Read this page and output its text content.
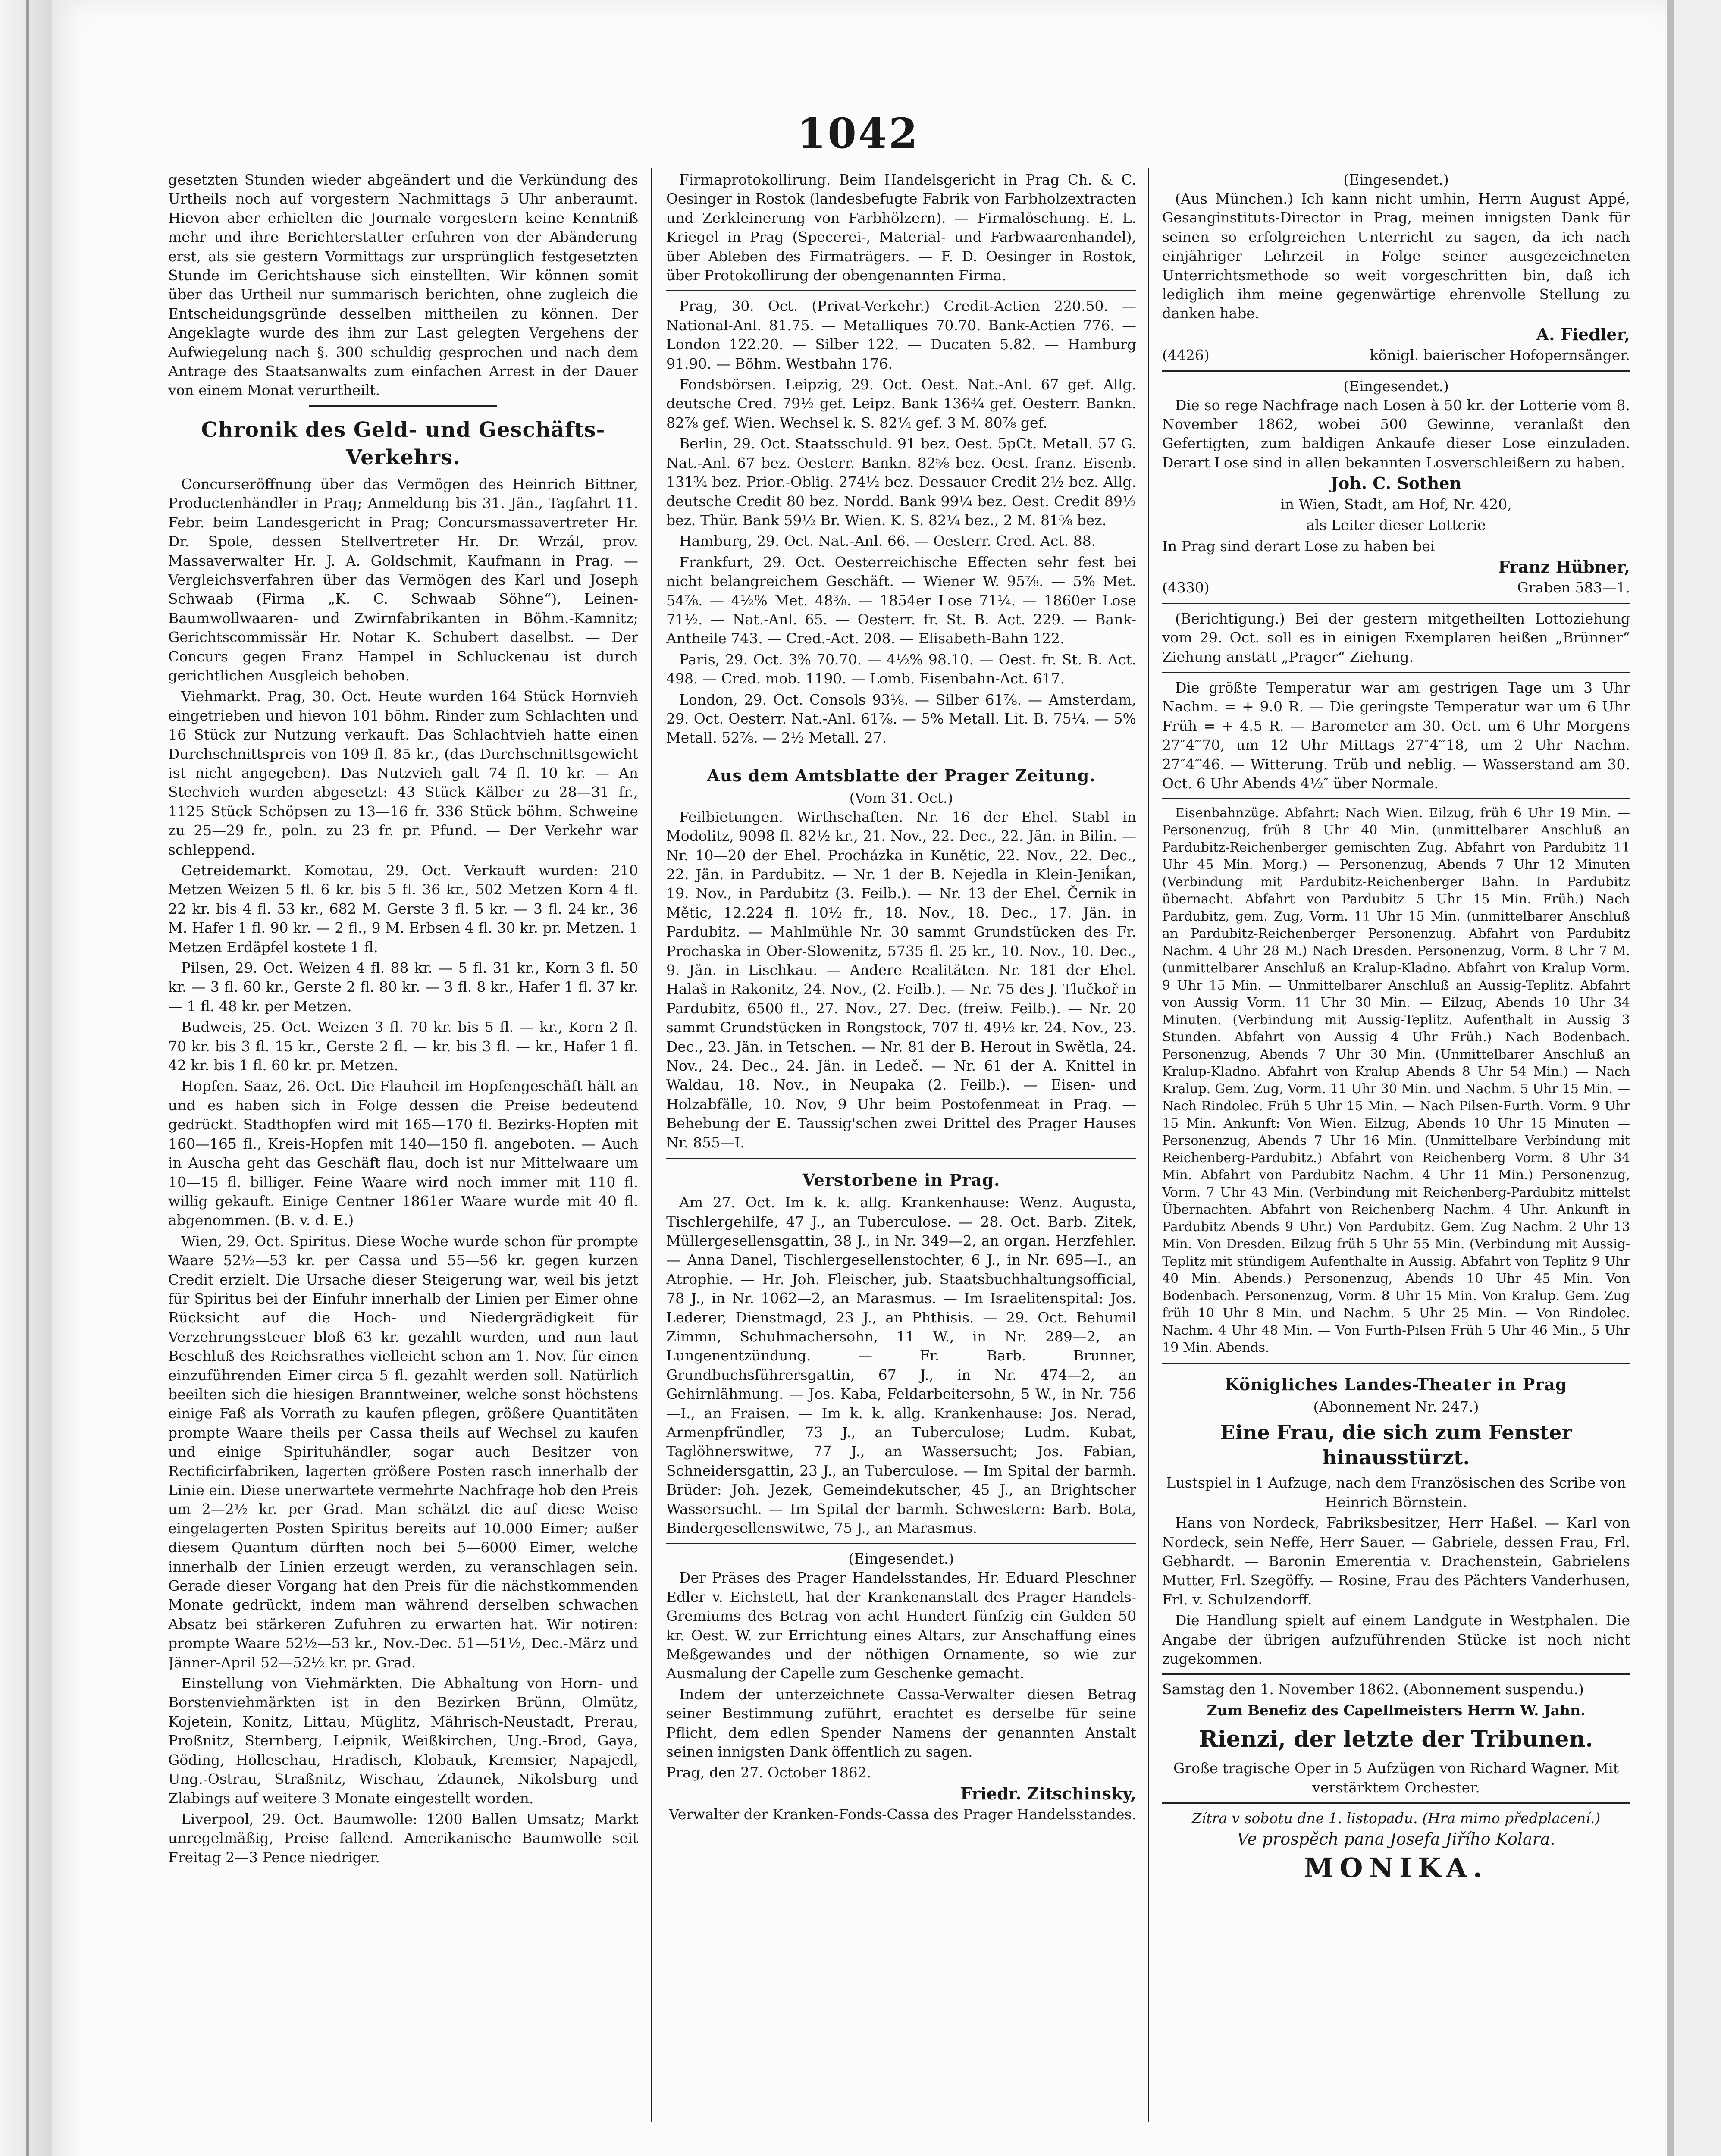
1042

gesetzten Stunden wieder abgeändert und die Verkündung des Urtheils noch auf vorgestern Nachmittags 5 Uhr anberaumt. Hievon aber erhielten die Journale vorgestern keine Kenntniß mehr und ihre Berichterstatter erfuhren von der Abänderung erst, als sie gestern Vormittags zur ursprünglich festgesetzten Stunde im Gerichtshause sich einstellten. Wir können somit über das Urtheil nur summarisch berichten, ohne zugleich die Entscheidungsgründe desselben mittheilen zu können. Der Angeklagte wurde des ihm zur Last gelegten Vergehens der Aufwiegelung nach §. 300 schuldig gesprochen und nach dem Antrage des Staatsanwalts zum einfachen Arrest in der Dauer von einem Monat verurtheilt.

Chronik des Geld- und Geschäfts-Verkehrs.

Concurseröffnung über das Vermögen des Heinrich Bittner, Productenhändler in Prag; Anmeldung bis 31. Jän., Tagfahrt 11. Febr. beim Landesgericht in Prag; Concursmassavertreter Hr. Dr. Spole, dessen Stellvertreter Hr. Dr. Wrzál, prov. Massaverwalter Hr. J. A. Goldschmit, Kaufmann in Prag. — Vergleichsverfahren über das Vermögen des Karl und Joseph Schwaab (Firma „K. C. Schwaab Söhne“), Leinen-Baumwollwaaren- und Zwirnfabrikanten in Böhm.-Kamnitz; Gerichtscommissär Hr. Notar K. Schubert daselbst. — Der Concurs gegen Franz Hampel in Schluckenau ist durch gerichtlichen Ausgleich behoben.

Viehmarkt. Prag, 30. Oct. Heute wurden 164 Stück Hornvieh eingetrieben und hievon 101 böhm. Rinder zum Schlachten und 16 Stück zur Nutzung verkauft. Das Schlachtvieh hatte einen Durchschnittspreis von 109 fl. 85 kr., (das Durchschnittsgewicht ist nicht angegeben). Das Nutzvieh galt 74 fl. 10 kr. — An Stechvieh wurden abgesetzt: 43 Stück Kälber zu 28—31 fr., 1125 Stück Schöpsen zu 13—16 fr. 336 Stück böhm. Schweine zu 25—29 fr., poln. zu 23 fr. pr. Pfund. — Der Verkehr war schleppend.

Getreidemarkt. Komotau, 29. Oct. Verkauft wurden: 210 Metzen Weizen 5 fl. 6 kr. bis 5 fl. 36 kr., 502 Metzen Korn 4 fl. 22 kr. bis 4 fl. 53 kr., 682 M. Gerste 3 fl. 5 kr. — 3 fl. 24 kr., 36 M. Hafer 1 fl. 90 kr. — 2 fl., 9 M. Erbsen 4 fl. 30 kr. pr. Metzen. 1 Metzen Erdäpfel kostete 1 fl.

Pilsen, 29. Oct. Weizen 4 fl. 88 kr. — 5 fl. 31 kr., Korn 3 fl. 50 kr. — 3 fl. 60 kr., Gerste 2 fl. 80 kr. — 3 fl. 8 kr., Hafer 1 fl. 37 kr. — 1 fl. 48 kr. per Metzen.

Budweis, 25. Oct. Weizen 3 fl. 70 kr. bis 5 fl. — kr., Korn 2 fl. 70 kr. bis 3 fl. 15 kr., Gerste 2 fl. — kr. bis 3 fl. — kr., Hafer 1 fl. 42 kr. bis 1 fl. 60 kr. pr. Metzen.

Hopfen. Saaz, 26. Oct. Die Flauheit im Hopfengeschäft hält an und es haben sich in Folge dessen die Preise bedeutend gedrückt. Stadthopfen wird mit 165—170 fl. Bezirks-Hopfen mit 160—165 fl., Kreis-Hopfen mit 140—150 fl. angeboten. — Auch in Auscha geht das Geschäft flau, doch ist nur Mittelwaare um 10—15 fl. billiger. Feine Waare wird noch immer mit 110 fl. willig gekauft. Einige Centner 1861er Waare wurde mit 40 fl. abgenommen. (B. v. d. E.)

Wien, 29. Oct. Spiritus. Diese Woche wurde schon für prompte Waare 52½—53 kr. per Cassa und 55—56 kr. gegen kurzen Credit erzielt. Die Ursache dieser Steigerung war, weil bis jetzt für Spiritus bei der Einfuhr innerhalb der Linien per Eimer ohne Rücksicht auf die Hoch- und Niedergrädigkeit für Verzehrungssteuer bloß 63 kr. gezahlt wurden, und nun laut Beschluß des Reichsrathes vielleicht schon am 1. Nov. für einen einzuführenden Eimer circa 5 fl. gezahlt werden soll. Natürlich beeilten sich die hiesigen Branntweiner, welche sonst höchstens einige Faß als Vorrath zu kaufen pflegen, größere Quantitäten prompte Waare theils per Cassa theils auf Wechsel zu kaufen und einige Spirituhändler, sogar auch Besitzer von Rectificirfabriken, lagerten größere Posten rasch innerhalb der Linie ein. Diese unerwartete vermehrte Nachfrage hob den Preis um 2—2½ kr. per Grad. Man schätzt die auf diese Weise eingelagerten Posten Spiritus bereits auf 10.000 Eimer; außer diesem Quantum dürften noch bei 5—6000 Eimer, welche innerhalb der Linien erzeugt werden, zu veranschlagen sein. Gerade dieser Vorgang hat den Preis für die nächstkommenden Monate gedrückt, indem man während derselben schwachen Absatz bei stärkeren Zufuhren zu erwarten hat. Wir notiren: prompte Waare 52½—53 kr., Nov.-Dec. 51—51½, Dec.-März und Jänner-April 52—52½ kr. pr. Grad.

Einstellung von Viehmärkten. Die Abhaltung von Horn- und Borstenviehmärkten ist in den Bezirken Brünn, Olmütz, Kojetein, Konitz, Littau, Müglitz, Mährisch-Neustadt, Prerau, Proßnitz, Sternberg, Leipnik, Weißkirchen, Ung.-Brod, Gaya, Göding, Holleschau, Hradisch, Klobauk, Kremsier, Napajedl, Ung.-Ostrau, Straßnitz, Wischau, Zdaunek, Nikolsburg und Zlabings auf weitere 3 Monate eingestellt worden.

Liverpool, 29. Oct. Baumwolle: 1200 Ballen Umsatz; Markt unregelmäßig, Preise fallend. Amerikanische Baumwolle seit Freitag 2—3 Pence niedriger.

Firmaprotokollirung. Beim Handelsgericht in Prag Ch. & C. Oesinger in Rostok (landesbefugte Fabrik von Farbholzextracten und Zerkleinerung von Farbhölzern). — Firmalöschung. E. L. Kriegel in Prag (Specerei-, Material- und Farbwaarenhandel), über Ableben des Firmaträgers. — F. D. Oesinger in Rostok, über Protokollirung der obengenannten Firma.

Prag, 30. Oct. (Privat-Verkehr.) Credit-Actien 220.50. — National-Anl. 81.75. — Metalliques 70.70. Bank-Actien 776. — London 122.20. — Silber 122. — Ducaten 5.82. — Hamburg 91.90. — Böhm. Westbahn 176.

Fondsbörsen. Leipzig, 29. Oct. Oest. Nat.-Anl. 67 gef. Allg. deutsche Cred. 79½ gef. Leipz. Bank 136¾ gef. Oesterr. Bankn. 82⅞ gef. Wien. Wechsel k. S. 82¼ gef. 3 M. 80⅞ gef.

Berlin, 29. Oct. Staatsschuld. 91 bez. Oest. 5pCt. Metall. 57 G. Nat.-Anl. 67 bez. Oesterr. Bankn. 82⅝ bez. Oest. franz. Eisenb. 131¾ bez. Prior.-Oblig. 274½ bez. Dessauer Credit 2½ bez. Allg. deutsche Credit 80 bez. Nordd. Bank 99¼ bez. Oest. Credit 89½ bez. Thür. Bank 59½ Br. Wien. K. S. 82¼ bez., 2 M. 81⅝ bez.

Hamburg, 29. Oct. Nat.-Anl. 66. — Oesterr. Cred. Act. 88.

Frankfurt, 29. Oct. Oesterreichische Effecten sehr fest bei nicht belangreichem Geschäft. — Wiener W. 95⅞. — 5% Met. 54⅞. — 4½% Met. 48⅜. — 1854er Lose 71¼. — 1860er Lose 71½. — Nat.-Anl. 65. — Oesterr. fr. St. B. Act. 229. — Bank-Antheile 743. — Cred.-Act. 208. — Elisabeth-Bahn 122.

Paris, 29. Oct. 3% 70.70. — 4½% 98.10. — Oest. fr. St. B. Act. 498. — Cred. mob. 1190. — Lomb. Eisenbahn-Act. 617.

London, 29. Oct. Consols 93⅛. — Silber 61⅞. — Amsterdam, 29. Oct. Oesterr. Nat.-Anl. 61⅞. — 5% Metall. Lit. B. 75¼. — 5% Metall. 52⅞. — 2½ Metall. 27.

Aus dem Amtsblatte der Prager Zeitung.
(Vom 31. Oct.)

Feilbietungen. Wirthschaften. Nr. 16 der Ehel. Stabl in Modolitz, 9098 fl. 82½ kr., 21. Nov., 22. Dec., 22. Jän. in Bilin. — Nr. 10—20 der Ehel. Procházka in Kunětic, 22. Nov., 22. Dec., 22. Jän. in Pardubitz. — Nr. 1 der B. Nejedla in Klein-Jeniḱan, 19. Nov., in Pardubitz (3. Feilb.). — Nr. 13 der Ehel. Černik in Mětic, 12.224 fl. 10½ fr., 18. Nov., 18. Dec., 17. Jän. in Pardubitz. — Mahlmühle Nr. 30 sammt Grundstücken des Fr. Prochaska in Ober-Slowenitz, 5735 fl. 25 kr., 10. Nov., 10. Dec., 9. Jän. in Lischkau. — Andere Realitäten. Nr. 181 der Ehel. Halaš in Rakonitz, 24. Nov., (2. Feilb.). — Nr. 75 des J. Tlučkoř in Pardubitz, 6500 fl., 27. Nov., 27. Dec. (freiw. Feilb.). — Nr. 20 sammt Grundstücken in Rongstock, 707 fl. 49½ kr. 24. Nov., 23. Dec., 23. Jän. in Tetschen. — Nr. 81 der B. Herout in Swětla, 24. Nov., 24. Dec., 24. Jän. in Ledeč. — Nr. 61 der A. Knittel in Waldau, 18. Nov., in Neupaka (2. Feilb.). — Eisen- und Holzabfälle, 10. Nov, 9 Uhr beim Postofenmeat in Prag. — Behebung der E. Taussig'schen zwei Drittel des Prager Hauses Nr. 855—I.

Verstorbene in Prag.

Am 27. Oct. Im k. k. allg. Krankenhause: Wenz. Augusta, Tischlergehilfe, 47 J., an Tuberculose. — 28. Oct. Barb. Zitek, Müllergesellensgattin, 38 J., in Nr. 349—2, an organ. Herzfehler. — Anna Danel, Tischlergesellenstochter, 6 J., in Nr. 695—I., an Atrophie. — Hr. Joh. Fleischer, jub. Staatsbuchhaltungsofficial, 78 J., in Nr. 1062—2, an Marasmus. — Im Israelitenspital: Jos. Lederer, Dienstmagd, 23 J., an Phthisis. — 29. Oct. Behumil Zimmn, Schuhmachersohn, 11 W., in Nr. 289—2, an Lungenentzündung. — Fr. Barb. Brunner, Grundbuchsführersgattin, 67 J., in Nr. 474—2, an Gehirnlähmung. — Jos. Kaba, Feldarbeitersohn, 5 W., in Nr. 756—I., an Fraisen. — Im k. k. allg. Krankenhause: Jos. Nerad, Armenpfründler, 73 J., an Tuberculose; Ludm. Kubat, Taglöhnerswitwe, 77 J., an Wassersucht; Jos. Fabian, Schneidersgattin, 23 J., an Tuberculose. — Im Spital der barmh. Brüder: Joh. Jezek, Gemeindekutscher, 45 J., an Brightscher Wassersucht. — Im Spital der barmh. Schwestern: Barb. Bota, Bindergesellenswitwe, 75 J., an Marasmus.

(Eingesendet.)

Der Präses des Prager Handelsstandes, Hr. Eduard Pleschner Edler v. Eichstett, hat der Krankenanstalt des Prager Handels-Gremiums des Betrag von acht Hundert fünfzig ein Gulden 50 kr. Oest. W. zur Errichtung eines Altars, zur Anschaffung eines Meßgewandes und der nöthigen Ornamente, so wie zur Ausmalung der Capelle zum Geschenke gemacht.

Indem der unterzeichnete Cassa-Verwalter diesen Betrag seiner Bestimmung zuführt, erachtet es derselbe für seine Pflicht, dem edlen Spender Namens der genannten Anstalt seinen innigsten Dank öffentlich zu sagen.

Prag, den 27. October 1862.

Friedr. Zitschinsky,

Verwalter der Kranken-Fonds-Cassa des Prager Handelsstandes.

(Eingesendet.)

(Aus München.) Ich kann nicht umhin, Herrn August Appé, Gesanginstituts-Director in Prag, meinen innigsten Dank für seinen so erfolgreichen Unterricht zu sagen, da ich nach einjähriger Lehrzeit in Folge seiner ausgezeichneten Unterrichtsmethode so weit vorgeschritten bin, daß ich lediglich ihm meine gegenwärtige ehrenvolle Stellung zu danken habe.

A. Fiedler,

(4426)	königl. baierischer Hofopernsänger.
(Eingesendet.)

Die so rege Nachfrage nach Losen à 50 kr. der Lotterie vom 8. November 1862, wobei 500 Gewinne, veranlaßt den Gefertigten, zum baldigen Ankaufe dieser Lose einzuladen. Derart Lose sind in allen bekannten Losverschleißern zu haben.

Joh. C. Sothen

in Wien, Stadt, am Hof, Nr. 420,

als Leiter dieser Lotterie

In Prag sind derart Lose zu haben bei

Franz Hübner,

(4330)	Graben 583—1.

(Berichtigung.) Bei der gestern mitgetheilten Lottoziehung vom 29. Oct. soll es in einigen Exemplaren heißen „Brünner“ Ziehung anstatt „Prager“ Ziehung.

Die größte Temperatur war am gestrigen Tage um 3 Uhr Nachm. = + 9.0 R. — Die geringste Temperatur war um 6 Uhr Früh = + 4.5 R. — Barometer am 30. Oct. um 6 Uhr Morgens 27″4‴70, um 12 Uhr Mittags 27″4‴18, um 2 Uhr Nachm. 27″4‴46. — Witterung. Trüb und neblig. — Wasserstand am 30. Oct. 6 Uhr Abends 4½″ über Normale.

Eisenbahnzüge. Abfahrt: Nach Wien. Eilzug, früh 6 Uhr 19 Min. — Personenzug, früh 8 Uhr 40 Min. (unmittelbarer Anschluß an Pardubitz-Reichenberger gemischten Zug. Abfahrt von Pardubitz 11 Uhr 45 Min. Morg.) — Personenzug, Abends 7 Uhr 12 Minuten (Verbindung mit Pardubitz-Reichenberger Bahn. In Pardubitz übernacht. Abfahrt von Pardubitz 5 Uhr 15 Min. Früh.) Nach Pardubitz, gem. Zug, Vorm. 11 Uhr 15 Min. (unmittelbarer Anschluß an Pardubitz-Reichenberger Personenzug. Abfahrt von Pardubitz Nachm. 4 Uhr 28 M.) Nach Dresden. Personenzug, Vorm. 8 Uhr 7 M. (unmittelbarer Anschluß an Kralup-Kladno. Abfahrt von Kralup Vorm. 9 Uhr 15 Min. — Unmittelbarer Anschluß an Aussig-Teplitz. Abfahrt von Aussig Vorm. 11 Uhr 30 Min. — Eilzug, Abends 10 Uhr 34 Minuten. (Verbindung mit Aussig-Teplitz. Aufenthalt in Aussig 3 Stunden. Abfahrt von Aussig 4 Uhr Früh.) Nach Bodenbach. Personenzug, Abends 7 Uhr 30 Min. (Unmittelbarer Anschluß an Kralup-Kladno. Abfahrt von Kralup Abends 8 Uhr 54 Min.) — Nach Kralup. Gem. Zug, Vorm. 11 Uhr 30 Min. und Nachm. 5 Uhr 15 Min. — Nach Rindolec. Früh 5 Uhr 15 Min. — Nach Pilsen-Furth. Vorm. 9 Uhr 15 Min. Ankunft: Von Wien. Eilzug, Abends 10 Uhr 15 Minuten — Personenzug, Abends 7 Uhr 16 Min. (Unmittelbare Verbindung mit Reichenberg-Pardubitz.) Abfahrt von Reichenberg Vorm. 8 Uhr 34 Min. Abfahrt von Pardubitz Nachm. 4 Uhr 11 Min.) Personenzug, Vorm. 7 Uhr 43 Min. (Verbindung mit Reichenberg-Pardubitz mittelst Übernachten. Abfahrt von Reichenberg Nachm. 4 Uhr. Ankunft in Pardubitz Abends 9 Uhr.) Von Pardubitz. Gem. Zug Nachm. 2 Uhr 13 Min. Von Dresden. Eilzug früh 5 Uhr 55 Min. (Verbindung mit Aussig-Teplitz mit stündigem Aufenthalte in Aussig. Abfahrt von Teplitz 9 Uhr 40 Min. Abends.) Personenzug, Abends 10 Uhr 45 Min. Von Bodenbach. Personenzug, Vorm. 8 Uhr 15 Min. Von Kralup. Gem. Zug früh 10 Uhr 8 Min. und Nachm. 5 Uhr 25 Min. — Von Rindolec. Nachm. 4 Uhr 48 Min. — Von Furth-Pilsen Früh 5 Uhr 46 Min., 5 Uhr 19 Min. Abends.

Königliches Landes-Theater in Prag
(Abonnement Nr. 247.)
Eine Frau, die sich zum Fenster hinausstürzt.

Lustspiel in 1 Aufzuge, nach dem Französischen des Scribe von Heinrich Börnstein.

Hans von Nordeck, Fabriksbesitzer, Herr Haßel. — Karl von Nordeck, sein Neffe, Herr Sauer. — Gabriele, dessen Frau, Frl. Gebhardt. — Baronin Emerentia v. Drachenstein, Gabrielens Mutter, Frl. Szegöffy. — Rosine, Frau des Pächters Vanderhusen, Frl. v. Schulzendorff.

Die Handlung spielt auf einem Landgute in Westphalen. Die Angabe der übrigen aufzuführenden Stücke ist noch nicht zugekommen.

Samstag den 1. November 1862. (Abonnement suspendu.)

Zum Benefiz des Capellmeisters Herrn W. Jahn.

Rienzi, der letzte der Tribunen.

Große tragische Oper in 5 Aufzügen von Richard Wagner. Mit verstärktem Orchester.

Zítra v sobotu dne 1. listopadu. (Hra mimo předplacení.)

Ve prospěch pana Josefa Jiřího Kolara.

MONIKA.
